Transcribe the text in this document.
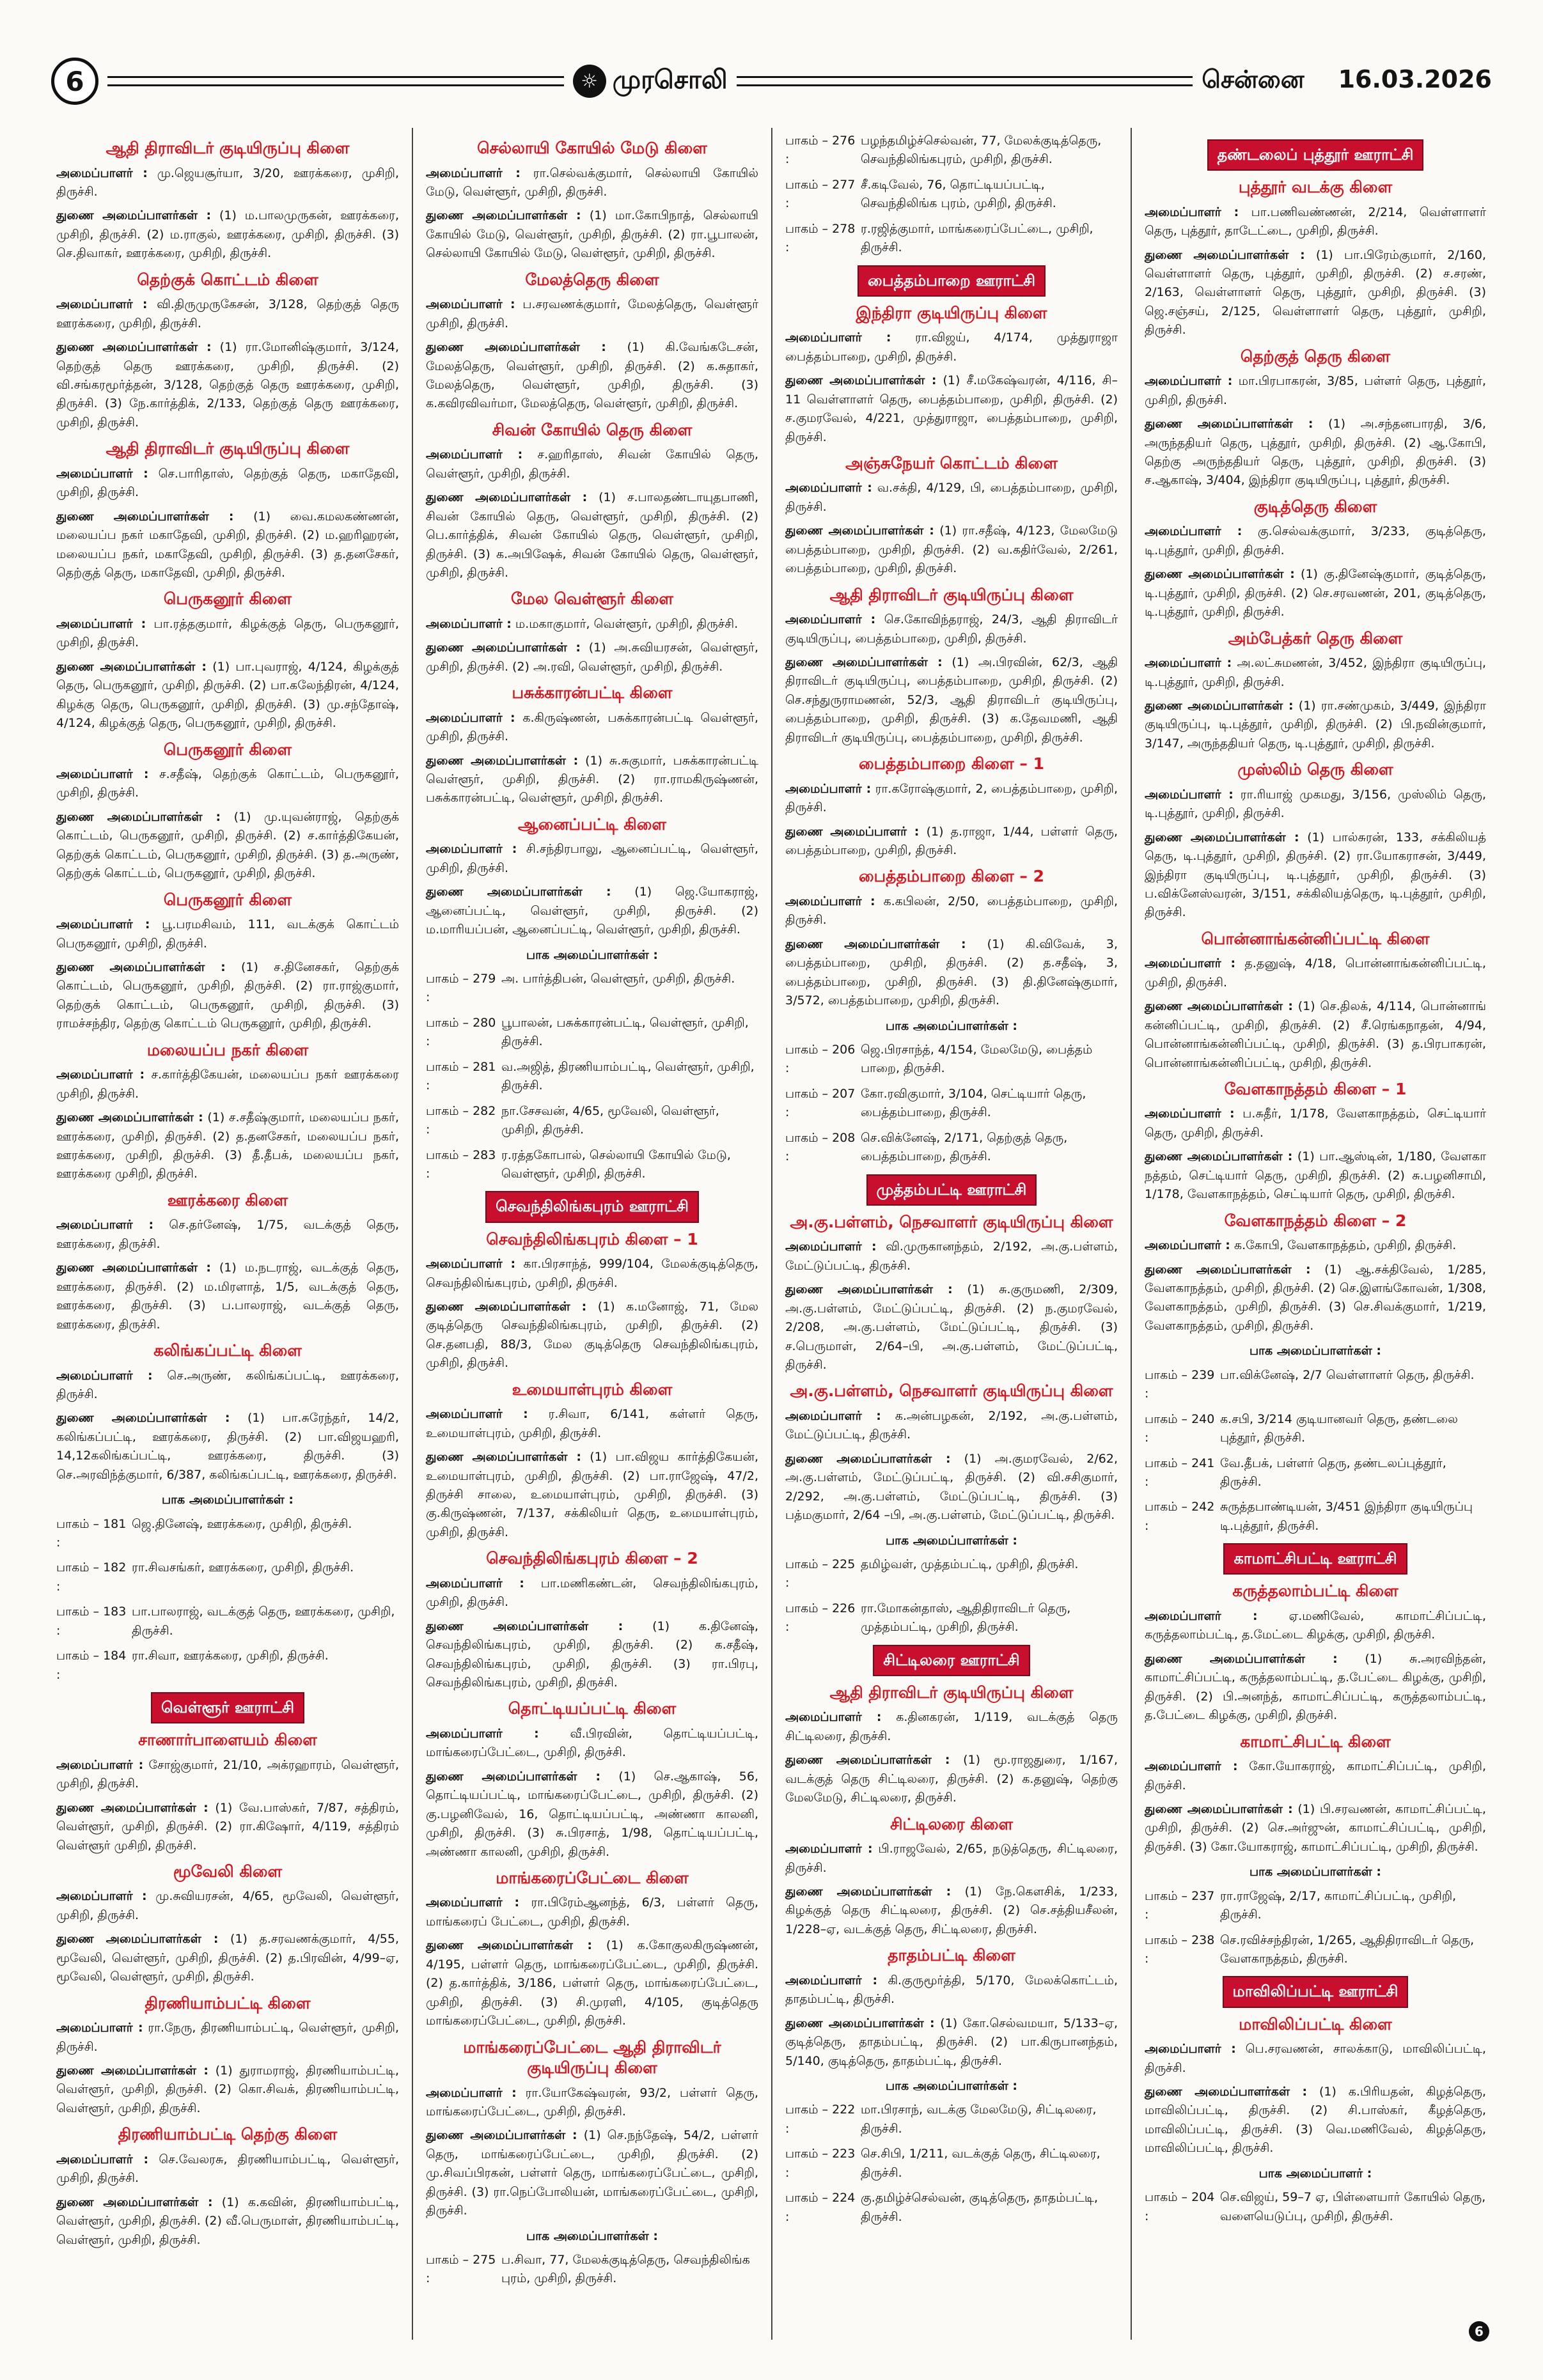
6	☼ முரசொலி	சென்னை 16.03.2026
ஆதி திராவிடர் குடியிருப்பு கிளை
அமைப்பாளர் : மு.ஜெயசூர்யா, 3/20, ஊரக்கரை, முசிறி, திருச்சி.
துணை அமைப்பாளர்கள் : (1) ம.பாலமுருகன், ஊரக்கரை, முசிறி, திருச்சி. (2) ம.ராகுல், ஊரக்கரை, முசிறி, திருச்சி. (3) செ.திவாகர், ஊரக்கரை, முசிறி, திருச்சி.
தெற்குக் கொட்டம் கிளை
அமைப்பாளர் : வி.திருமுருகேசன், 3/128, தெற்குத் தெரு ஊரக்கரை, முசிறி, திருச்சி.
துணை அமைப்பாளர்கள் : (1) ரா.மோனிஷ்குமார், 3/124, தெற்குத் தெரு ஊரக்கரை, முசிறி, திருச்சி. (2) வி.சங்கரமூர்த்தன், 3/128, தெற்குத் தெரு ஊரக்கரை, முசிறி, திருச்சி. (3) நே.கார்த்திக், 2/133, தெற்குத் தெரு ஊரக்கரை, முசிறி, திருச்சி.
ஆதி திராவிடர் குடியிருப்பு கிளை
அமைப்பாளர் : செ.பாரிதாஸ், தெற்குத் தெரு, மகாதேவி, முசிறி, திருச்சி.
துணை அமைப்பாளர்கள் : (1) வை.கமலகண்ணன், மலையப்ப நகர் மகாதேவி, முசிறி, திருச்சி. (2) ம.ஹரிஹரன், மலையப்ப நகர், மகாதேவி, முசிறி, திருச்சி. (3) த.தனசேகர், தெற்குத் தெரு, மகாதேவி, முசிறி, திருச்சி.
பெருகனூர் கிளை
அமைப்பாளர் : பா.ரத்தகுமார், கிழக்குத் தெரு, பெருகனூர், முசிறி, திருச்சி.
துணை அமைப்பாளர்கள் : (1) பா.புவராஜ், 4/124, கிழக்குத் தெரு, பெருகனூர், முசிறி, திருச்சி. (2) பா.கலேந்திரன், 4/124, கிழக்கு தெரு, பெருகனூர், முசிறி, திருச்சி. (3) மு.சந்தோஷ், 4/124, கிழக்குத் தெரு, பெருகனூர், முசிறி, திருச்சி.
பெருகனூர் கிளை
அமைப்பாளர் : ச.சதீஷ், தெற்குக் கொட்டம், பெருகனூர், முசிறி, திருச்சி.
துணை அமைப்பாளர்கள் : (1) மு.யுவன்ராஜ், தெற்குக் கொட்டம், பெருகனூர், முசிறி, திருச்சி. (2) ச.கார்த்திகேயன், தெற்குக் கொட்டம், பெருகனூர், முசிறி, திருச்சி. (3) த.அருண், தெற்குக் கொட்டம், பெருகனூர், முசிறி, திருச்சி.
பெருகனூர் கிளை
அமைப்பாளர் : பூ.பரமசிவம், 111, வடக்குக் கொட்டம் பெருகனூர், முசிறி, திருச்சி.
துணை அமைப்பாளர்கள் : (1) ச.தினேசகர், தெற்குக் கொட்டம், பெருகனூர், முசிறி, திருச்சி. (2) ரா.ராஜ்குமார், தெற்குக் கொட்டம், பெருகனூர், முசிறி, திருச்சி. (3) ராமச்சந்திர, தெற்கு கொட்டம் பெருகனூர், முசிறி, திருச்சி.
மலையப்ப நகர் கிளை
அமைப்பாளர் : ச.கார்த்திகேயன், மலையப்ப நகர் ஊரக்கரை முசிறி, திருச்சி.
துணை அமைப்பாளர்கள் : (1) ச.சதீஷ்குமார், மலையப்ப நகர், ஊரக்கரை, முசிறி, திருச்சி. (2) த.தனசேகர், மலையப்ப நகர், ஊரக்கரை, முசிறி, திருச்சி. (3) தீ.தீபக், மலையப்ப நகர், ஊரக்கரை முசிறி, திருச்சி.
ஊரக்கரை கிளை
அமைப்பாளர் : செ.தர்னேஷ், 1/75, வடக்குத் தெரு, ஊரக்கரை, திருச்சி.
துணை அமைப்பாளர்கள் : (1) ம.நடராஜ், வடக்குத் தெரு, ஊரக்கரை, திருச்சி. (2) ம.மிரளாத், 1/5, வடக்குத் தெரு, ஊரக்கரை, திருச்சி. (3) ப.பாலராஜ், வடக்குத் தெரு, ஊரக்கரை, திருச்சி.
கலிங்கப்பட்டி கிளை
அமைப்பாளர் : செ.அருண், கலிங்கப்பட்டி, ஊரக்கரை, திருச்சி.
துணை அமைப்பாளர்கள் : (1) பா.சுரேந்தர், 14/2, கலிங்கப்பட்டி, ஊரக்கரை, திருச்சி. (2) பா.விஜயஹரி, 14,12கலிங்கப்பட்டி, ஊரக்கரை, திருச்சி. (3) செ.அரவிந்த்குமார், 6/387, கலிங்கப்பட்டி, ஊரக்கரை, திருச்சி.
பாக அமைப்பாளர்கள் :
பாகம் – 181 :
ஜெ.தினேஷ், ஊரக்கரை, முசிறி, திருச்சி.
பாகம் – 182 :
ரா.சிவசங்கர், ஊரக்கரை, முசிறி, திருச்சி.
பாகம் – 183 :
பா.பாலராஜ், வடக்குத் தெரு, ஊரக்கரை, முசிறி, திருச்சி.
பாகம் – 184 :
ரா.சிவா, ஊரக்கரை, முசிறி, திருச்சி.
வெள்ளூர் ஊராட்சி
சாணார்பாளையம் கிளை
அமைப்பாளர் : சோஜ்குமார், 21/10, அக்ரஹாரம், வெள்ளூர், முசிறி, திருச்சி.
துணை அமைப்பாளர்கள் : (1) வே.பாஸ்கர், 7/87, சத்திரம், வெள்ளூர், முசிறி, திருச்சி. (2) ரா.கிஷோர், 4/119, சத்திரம் வெள்ளூர் முசிறி, திருச்சி.
மூவேலி கிளை
அமைப்பாளர் : மு.சுவியரசன், 4/65, மூவேலி, வெள்ளூர், முசிறி, திருச்சி.
துணை அமைப்பாளர்கள் : (1) த.சரவணக்குமார், 4/55, மூவேலி, வெள்ளூர், முசிறி, திருச்சி. (2) த.பிரவின், 4/99–ஏ, மூவேலி, வெள்ளூர், முசிறி, திருச்சி.
திரணியாம்பட்டி கிளை
அமைப்பாளர் : ரா.நேரு, திரணியாம்பட்டி, வெள்ளூர், முசிறி, திருச்சி.
துணை அமைப்பாளர்கள் : (1) துராமராஜ், திரணியாம்பட்டி, வெள்ளூர், முசிறி, திருச்சி. (2) கொ.சிவக், திரணியாம்பட்டி, வெள்ளூர், முசிறி, திருச்சி.
திரணியாம்பட்டி தெற்கு கிளை
அமைப்பாளர் : செ.வேலரசு, திரணியாம்பட்டி, வெள்ளூர், முசிறி, திருச்சி.
துணை அமைப்பாளர்கள் : (1) க.கவின், திரணியாம்பட்டி, வெள்ளூர், முசிறி, திருச்சி. (2) வீ.பெருமாள், திரணியாம்பட்டி, வெள்ளூர், முசிறி, திருச்சி.
செல்லாயி கோயில் மேடு கிளை
அமைப்பாளர் : ரா.செல்வக்குமார், செல்லாயி கோயில் மேடு, வெள்ளூர், முசிறி, திருச்சி.
துணை அமைப்பாளர்கள் : (1) மா.கோபிநாத், செல்லாயி கோயில் மேடு, வெள்ளூர், முசிறி, திருச்சி. (2) ரா.பூபாலன், செல்லாயி கோயில் மேடு, வெள்ளூர், முசிறி, திருச்சி.
மேலத்தெரு கிளை
அமைப்பாளர் : ப.சரவணக்குமார், மேலத்தெரு, வெள்ளூர் முசிறி, திருச்சி.
துணை அமைப்பாளர்கள் : (1) கி.வேங்கடேசன், மேலத்தெரு, வெள்ளூர், முசிறி, திருச்சி. (2) க.சுதாகர், மேலத்தெரு, வெள்ளூர், முசிறி, திருச்சி. (3) க.கவிரவிவர்மா, மேலத்தெரு, வெள்ளூர், முசிறி, திருச்சி.
சிவன் கோயில் தெரு கிளை
அமைப்பாளர் : ச.ஹரிதாஸ், சிவன் கோயில் தெரு, வெள்ளூர், முசிறி, திருச்சி.
துணை அமைப்பாளர்கள் : (1) ச.பாலதண்டாயுதபாணி, சிவன் கோயில் தெரு, வெள்ளூர், முசிறி, திருச்சி. (2) பெ.கார்த்திக், சிவன் கோயில் தெரு, வெள்ளூர், முசிறி, திருச்சி. (3) க.அபிஷேக், சிவன் கோயில் தெரு, வெள்ளூர், முசிறி, திருச்சி.
மேல வெள்ளூர் கிளை
அமைப்பாளர் : ம.மகாகுமார், வெள்ளூர், முசிறி, திருச்சி.
துணை அமைப்பாளர்கள் : (1) அ.சுவியரசன், வெள்ளூர், முசிறி, திருச்சி. (2) அ.ரவி, வெள்ளூர், முசிறி, திருச்சி.
பசுக்காரன்பட்டி கிளை
அமைப்பாளர் : க.கிருஷ்ணன், பசுக்காரன்பட்டி வெள்ளூர், முசிறி, திருச்சி.
துணை அமைப்பாளர்கள் : (1) சு.சுகுமார், பசுக்காரன்பட்டி வெள்ளூர், முசிறி, திருச்சி. (2) ரா.ராமகிருஷ்ணன், பசுக்காரன்பட்டி, வெள்ளூர், முசிறி, திருச்சி.
ஆனைப்பட்டி கிளை
அமைப்பாளர் : சி.சந்திரபாலு, ஆனைப்பட்டி, வெள்ளூர், முசிறி, திருச்சி.
துணை அமைப்பாளர்கள் : (1) ஜெ.யோகராஜ், ஆனைப்பட்டி, வெள்ளூர், முசிறி, திருச்சி. (2) ம.மாரியப்பன், ஆனைப்பட்டி, வெள்ளூர், முசிறி, திருச்சி.
பாக அமைப்பாளர்கள் :
பாகம் – 279 :
அ. பார்த்திபன், வெள்ளூர், முசிறி, திருச்சி.
பாகம் – 280 :
பூபாலன், பசுக்காரன்பட்டி, வெள்ளூர், முசிறி, திருச்சி.
பாகம் – 281 :
வ.அஜித், திரணியாம்பட்டி, வெள்ளூர், முசிறி, திருச்சி.
பாகம் – 282 :
நா.சேசவன், 4/65, மூவேலி, வெள்ளூர், முசிறி, திருச்சி.
பாகம் – 283 :
ர.ரத்தகோபால், செல்லாயி கோயில் மேடு, வெள்ளூர், முசிறி, திருச்சி.
செவந்திலிங்கபுரம் ஊராட்சி
செவந்திலிங்கபுரம் கிளை – 1
அமைப்பாளர் : கா.பிரசாந்த், 999/104, மேலக்குடித்தெரு, செவந்திலிங்கபுரம், முசிறி, திருச்சி.
துணை அமைப்பாளர்கள் : (1) க.மனோஜ், 71, மேல குடித்தெரு செவந்திலிங்கபுரம், முசிறி, திருச்சி. (2) செ.தனபதி, 88/3, மேல குடித்தெரு செவந்திலிங்கபுரம், முசிறி, திருச்சி.
உமையாள்புரம் கிளை
அமைப்பாளர் : ர.சிவா, 6/141, கள்ளர் தெரு, உமையாள்புரம், முசிறி, திருச்சி.
துணை அமைப்பாளர்கள் : (1) பா.விஜய கார்த்திகேயன், உமையாள்புரம், முசிறி, திருச்சி. (2) பா.ராஜேஷ், 47/2, திருச்சி சாலை, உமையாள்புரம், முசிறி, திருச்சி. (3) கு.கிருஷ்ணன், 7/137, சக்கிலியர் தெரு, உமையாள்புரம், முசிறி, திருச்சி.
செவந்திலிங்கபுரம் கிளை – 2
அமைப்பாளர் : பா.மணிகண்டன், செவந்திலிங்கபுரம், முசிறி, திருச்சி.
துணை அமைப்பாளர்கள் : (1) க.தினேஷ், செவந்திலிங்கபுரம், முசிறி, திருச்சி. (2) க.சதீஷ், செவந்திலிங்கபுரம், முசிறி, திருச்சி. (3) ரா.பிரபு, செவந்திலிங்கபுரம், முசிறி, திருச்சி.
தொட்டியப்பட்டி கிளை
அமைப்பாளர் :	வீ.பிரவின், தொட்டியப்பட்டி, மாங்கரைப்பேட்டை, முசிறி, திருச்சி.
துணை அமைப்பாளர்கள் : (1) செ.ஆகாஷ், 56, தொட்டியப்பட்டி, மாங்கரைப்பேட்டை, முசிறி, திருச்சி. (2) கு.பழனிவேல், 16, தொட்டியப்பட்டி, அண்ணா காலனி, முசிறி, திருச்சி. (3) சு.பிரசாத், 1/98, தொட்டியப்பட்டி, அண்ணா காலனி, முசிறி, திருச்சி.
மாங்கரைப்பேட்டை கிளை
அமைப்பாளர் : ரா.பிரேம்ஆனந்த், 6/3, பள்ளர் தெரு, மாங்கரைப் பேட்டை, முசிறி, திருச்சி.
துணை அமைப்பாளர்கள் : (1) க.கோகுலகிருஷ்ணன், 4/195, பள்ளர் தெரு, மாங்கரைப்பேட்டை, முசிறி, திருச்சி. (2) த.கார்த்திக், 3/186, பள்ளர் தெரு, மாங்கரைப்பேட்டை, முசிறி, திருச்சி. (3) சி.முரளி, 4/105, குடித்தெரு மாங்கரைப்பேட்டை, முசிறி, திருச்சி.
மாங்கரைப்பேட்டை ஆதி திராவிடர் குடியிருப்பு கிளை
அமைப்பாளர் : ரா.யோகேஷ்வரன், 93/2, பள்ளர் தெரு, மாங்கரைப்பேட்டை, முசிறி, திருச்சி.
துணை அமைப்பாளர்கள் : (1) செ.நந்தேஷ், 54/2, பள்ளர் தெரு, மாங்கரைப்பேட்டை, முசிறி, திருச்சி. (2) மு.சிவப்பிரகன், பள்ளர் தெரு, மாங்கரைப்பேட்டை, முசிறி, திருச்சி. (3) ரா.நெப்போலியன், மாங்கரைப்பேட்டை, முசிறி, திருச்சி.
பாக அமைப்பாளர்கள் :
பாகம் – 275 :
ப.சிவா, 77, மேலக்குடித்தெரு, செவந்திலிங்க புரம், முசிறி, திருச்சி.
பாகம் – 276 :
பழந்தமிழ்ச்செல்வன், 77, மேலக்குடித்தெரு, செவந்திலிங்கபுரம், முசிறி, திருச்சி.
பாகம் – 277 :
சீ.கடிவேல், 76, தொட்டியப்பட்டி, செவந்திலிங்க புரம், முசிறி, திருச்சி.
பாகம் – 278 :
ர.ரஜித்குமார், மாங்கரைப்பேட்டை, முசிறி, திருச்சி.
பைத்தம்பாறை ஊராட்சி
இந்திரா குடியிருப்பு கிளை
அமைப்பாளர் : ரா.விஜய், 4/174, முத்துராஜா பைத்தம்பாறை, முசிறி, திருச்சி.
துணை அமைப்பாளர்கள் : (1) சீ.மகேஷ்வரன், 4/116, சி–11 வெள்ளாளர் தெரு, பைத்தம்பாறை, முசிறி, திருச்சி. (2) ச.குமரவேல், 4/221, முத்துராஜா, பைத்தம்பாறை, முசிறி, திருச்சி.
அஞ்சுநேயர் கொட்டம் கிளை
அமைப்பாளர் : வ.சக்தி, 4/129, பி, பைத்தம்பாறை, முசிறி, திருச்சி.
துணை அமைப்பாளர்கள் : (1) ரா.சதீஷ், 4/123, மேலமேடு பைத்தம்பாறை, முசிறி, திருச்சி. (2) வ.கதிர்வேல், 2/261, பைத்தம்பாறை, முசிறி, திருச்சி.
ஆதி திராவிடர் குடியிருப்பு கிளை
அமைப்பாளர் : செ.கோவிந்தராஜ், 24/3, ஆதி திராவிடர் குடியிருப்பு, பைத்தம்பாறை, முசிறி, திருச்சி.
துணை அமைப்பாளர்கள் : (1) அ.பிரவின், 62/3, ஆதி திராவிடர் குடியிருப்பு, பைத்தம்பாறை, முசிறி, திருச்சி. (2) செ.சந்துருராமணன், 52/3, ஆதி திராவிடர் குடியிருப்பு, பைத்தம்பாறை, முசிறி, திருச்சி. (3) க.தேவமணி, ஆதி திராவிடர் குடியிருப்பு, பைத்தம்பாறை, முசிறி, திருச்சி.
பைத்தம்பாறை கிளை – 1
அமைப்பாளர் : ரா.கரோஷ்குமார், 2, பைத்தம்பாறை, முசிறி, திருச்சி.
துணை அமைப்பாளர் : (1) த.ராஜா, 1/44, பள்ளர் தெரு, பைத்தம்பாறை, முசிறி, திருச்சி.
பைத்தம்பாறை கிளை – 2
அமைப்பாளர் : க.கபிலன், 2/50, பைத்தம்பாறை, முசிறி, திருச்சி.
துணை அமைப்பாளர்கள் : (1) கி.விவேக், 3, பைத்தம்பாறை, முசிறி, திருச்சி. (2) த.சதீஷ், 3, பைத்தம்பாறை, முசிறி, திருச்சி. (3) தி.தினேஷ்குமார், 3/572, பைத்தம்பாறை, முசிறி, திருச்சி.
பாக அமைப்பாளர்கள் :
பாகம் – 206 :
ஜெ.பிரசாந்த், 4/154, மேலமேடு, பைத்தம் பாறை, திருச்சி.
பாகம் – 207 :
கோ.ரவிகுமார், 3/104, செட்டியார் தெரு, பைத்தம்பாறை, திருச்சி.
பாகம் – 208 :
செ.விக்னேஷ், 2/171, தெற்குத் தெரு, பைத்தம்பாறை, திருச்சி.
முத்தம்பட்டி ஊராட்சி
அ.கு.பள்ளம், நெசவாளர் குடியிருப்பு கிளை
அமைப்பாளர் : வி.முருகானந்தம், 2/192, அ.கு.பள்ளம், மேட்டுப்பட்டி, திருச்சி.
துணை அமைப்பாளர்கள் : (1) சு.குருமணி, 2/309, அ.கு.பள்ளம், மேட்டுப்பட்டி, திருச்சி. (2) ந.குமரவேல், 2/208, அ.கு.பள்ளம், மேட்டுப்பட்டி, திருச்சி. (3) ச.பெருமாள், 2/64–பி, அ.கு.பள்ளம், மேட்டுப்பட்டி, திருச்சி.
அ.கு.பள்ளம், நெசவாளர் குடியிருப்பு கிளை
அமைப்பாளர் : க.அன்பழகன், 2/192, அ.கு.பள்ளம், மேட்டுப்பட்டி, திருச்சி.
துணை அமைப்பாளர்கள் : (1) அ.குமரவேல், 2/62, அ.கு.பள்ளம், மேட்டுப்பட்டி, திருச்சி. (2) வி.சசிகுமார், 2/292, அ.கு.பள்ளம், மேட்டுப்பட்டி, திருச்சி. (3) பத்மகுமார், 2/64 –பி, அ.கு.பள்ளம், மேட்டுப்பட்டி, திருச்சி.
பாக அமைப்பாளர்கள் :
பாகம் – 225 :
தமிழ்வள், முத்தம்பட்டி, முசிறி, திருச்சி.
பாகம் – 226 :
ரா.மோகன்தாஸ், ஆதிதிராவிடர் தெரு, முத்தம்பட்டி, முசிறி, திருச்சி.
சிட்டிலரை ஊராட்சி
ஆதி திராவிடர் குடியிருப்பு கிளை
அமைப்பாளர் : க.தினகரன், 1/119, வடக்குத் தெரு சிட்டிலரை, திருச்சி.
துணை அமைப்பாளர்கள் : (1) மூ.ராஜதுரை, 1/167, வடக்குத் தெரு சிட்டிலரை, திருச்சி. (2) க.தனுஷ், தெற்கு மேலமேடு, சிட்டிலரை, திருச்சி.
சிட்டிலரை கிளை
அமைப்பாளர் : பி.ராஜவேல், 2/65, நடுத்தெரு, சிட்டிலரை, திருச்சி.
துணை அமைப்பாளர்கள் : (1) நே.கௌசிக், 1/233, கிழக்குத் தெரு சிட்டிலரை, திருச்சி. (2) செ.சத்தியசீலன், 1/228–ஏ, வடக்குத் தெரு, சிட்டிலரை, திருச்சி.
தாதம்பட்டி கிளை
அமைப்பாளர் : கி.குருமூர்த்தி, 5/170, மேலக்கொட்டம், தாதம்பட்டி, திருச்சி.
துணை அமைப்பாளர்கள் : (1) கோ.செல்வமயா, 5/133–ஏ, குடித்தெரு, தாதம்பட்டி, திருச்சி. (2) பா.கிருபானந்தம், 5/140, குடித்தெரு, தாதம்பட்டி, திருச்சி.
பாக அமைப்பாளர்கள் :
பாகம் – 222 :
மா.பிரசாந், வடக்கு மேலமேடு, சிட்டிலரை, திருச்சி.
பாகம் – 223 :
செ.சிபி, 1/211, வடக்குத் தெரு, சிட்டிலரை, திருச்சி.
பாகம் – 224 :
கு.தமிழ்ச்செல்வன், குடித்தெரு, தாதம்பட்டி, திருச்சி.
தண்டலைப் புத்தூர் ஊராட்சி
புத்தூர் வடக்கு கிளை
அமைப்பாளர் : பா.பணிவண்ணன், 2/214, வெள்ளாளர் தெரு, புத்தூர், தாடேட்டை, முசிறி, திருச்சி.
துணை அமைப்பாளர்கள் : (1) பா.பிரேம்குமார், 2/160, வெள்ளாளர் தெரு, புத்தூர், முசிறி, திருச்சி. (2) ச.சரண், 2/163, வெள்ளாளர் தெரு, புத்தூர், முசிறி, திருச்சி. (3) ஜெ.சஞ்சய், 2/125, வெள்ளாளர் தெரு, புத்தூர், முசிறி, திருச்சி.
தெற்குத் தெரு கிளை
அமைப்பாளர் : மா.பிரபாகரன், 3/85, பள்ளர் தெரு, புத்தூர், முசிறி, திருச்சி.
துணை அமைப்பாளர்கள் : (1) அ.சந்தனபாரதி, 3/6, அருந்ததியர் தெரு, புத்தூர், முசிறி, திருச்சி. (2) ஆ.கோபி, தெற்கு அருந்ததியர் தெரு, புத்தூர், முசிறி, திருச்சி. (3) ச.ஆகாஷ், 3/404, இந்திரா குடியிருப்பு, புத்தூர், திருச்சி.
குடித்தெரு கிளை
அமைப்பாளர் : கு.செல்வக்குமார், 3/233, குடித்தெரு, டி.புத்தூர், முசிறி, திருச்சி.
துணை அமைப்பாளர்கள் : (1) கு.தினேஷ்குமார், குடித்தெரு, டி.புத்தூர், முசிறி, திருச்சி. (2) செ.சரவணன், 201, குடித்தெரு, டி.புத்தூர், முசிறி, திருச்சி.
அம்பேத்கர் தெரு கிளை
அமைப்பாளர் : அ.லட்சுமணன், 3/452, இந்திரா குடியிருப்பு, டி.புத்தூர், முசிறி, திருச்சி.
துணை அமைப்பாளர்கள் : (1) ரா.சண்முகம், 3/449, இந்திரா குடியிருப்பு, டி.புத்தூர், முசிறி, திருச்சி. (2) பி.நவின்குமார், 3/147, அருந்ததியர் தெரு, டி.புத்தூர், முசிறி, திருச்சி.
முஸ்லிம் தெரு கிளை
அமைப்பாளர் : ரா.ரியாஜ் முகமது, 3/156, முஸ்லிம் தெரு, டி.புத்தூர், முசிறி, திருச்சி.
துணை அமைப்பாளர்கள் : (1) பால்சுரன், 133, சக்கிலியத் தெரு, டி.புத்தூர், முசிறி, திருச்சி. (2) ரா.யோகராசன், 3/449, இந்திரா குடியிருப்பு, டி.புத்தூர், முசிறி, திருச்சி. (3) ப.விக்னேஸ்வரன், 3/151, சக்கிலியத்தெரு, டி.புத்தூர், முசிறி, திருச்சி.
பொன்னாங்கன்னிப்பட்டி கிளை
அமைப்பாளர் : த.தனுஷ், 4/18, பொன்னாங்கன்னிப்பட்டி, முசிறி, திருச்சி.
துணை அமைப்பாளர்கள் : (1) செ.திலக், 4/114, பொன்னாங் கன்னிப்பட்டி, முசிறி, திருச்சி. (2) சீ.ரெங்கநாதன், 4/94, பொன்னாங்கன்னிப்பட்டி, முசிறி, திருச்சி. (3) த.பிரபாகரன், பொன்னாங்கன்னிப்பட்டி, முசிறி, திருச்சி.
வேளகாநத்தம் கிளை – 1
அமைப்பாளர் : ப.சுதீர், 1/178, வேளகாநத்தம், செட்டியார் தெரு, முசிறி, திருச்சி.
துணை அமைப்பாளர்கள் : (1) பா.ஆஸ்டின், 1/180, வேளகா நத்தம், செட்டியார் தெரு, முசிறி, திருச்சி. (2) சு.பழனிசாமி, 1/178, வேளகாநத்தம், செட்டியார் தெரு, முசிறி, திருச்சி.
வேளகாநத்தம் கிளை – 2
அமைப்பாளர் : க.கோபி, வேளகாநத்தம், முசிறி, திருச்சி.
துணை அமைப்பாளர்கள் : (1) ஆ.சக்திவேல், 1/285, வேளகாநத்தம், முசிறி, திருச்சி. (2) செ.இளங்கோவன், 1/308, வேளகாநத்தம், முசிறி, திருச்சி. (3) செ.சிவக்குமார், 1/219, வேளகாநத்தம், முசிறி, திருச்சி.
பாக அமைப்பாளர்கள் :
பாகம் – 239 :
பா.விக்னேஷ், 2/7 வெள்ளாளர் தெரு, திருச்சி.
பாகம் – 240 :
க.சபி, 3/214 குடியானவர் தெரு, தண்டலை புத்தூர், திருச்சி.
பாகம் – 241 :
வே.தீபக், பள்ளர் தெரு, தண்டலப்புத்தூர், திருச்சி.
பாகம் – 242 :
சுருத்தபாண்டியன், 3/451 இந்திரா குடியிருப்பு டி.புத்தூர், திருச்சி.
காமாட்சிபட்டி ஊராட்சி
கருத்தலாம்பட்டி கிளை
அமைப்பாளர் :	ஏ.மணிவேல், காமாட்சிப்பட்டி, கருத்தலாம்பட்டி, த.மேட்டை கிழக்கு, முசிறி, திருச்சி.
துணை அமைப்பாளர்கள் : (1) சு.அரவிந்தன், காமாட்சிப்பட்டி, கருத்தலாம்பட்டி, த.பேட்டை கிழக்கு, முசிறி, திருச்சி. (2) பி.அனந்த், காமாட்சிப்பட்டி, கருத்தலாம்பட்டி, த.பேட்டை கிழக்கு, முசிறி, திருச்சி.
காமாட்சிபட்டி கிளை
அமைப்பாளர் : கோ.யோகராஜ், காமாட்சிப்பட்டி, முசிறி, திருச்சி.
துணை அமைப்பாளர்கள் : (1) பி.சரவணன், காமாட்சிப்பட்டி, முசிறி, திருச்சி. (2) செ.அர்ஜுன், காமாட்சிப்பட்டி, முசிறி, திருச்சி. (3) கோ.யோகராஜ், காமாட்சிப்பட்டி, முசிறி, திருச்சி.
பாக அமைப்பாளர்கள் :
பாகம் – 237 :
ரா.ராஜேஷ், 2/17, காமாட்சிப்பட்டி, முசிறி, திருச்சி.
பாகம் – 238 :
செ.ரவிச்சந்திரன், 1/265, ஆதிதிராவிடர் தெரு, வேளகாநத்தம், திருச்சி.
மாவிலிப்பட்டி ஊராட்சி
மாவிலிப்பட்டி கிளை
அமைப்பாளர் : பெ.சரவணன், சாலக்காடு, மாவிலிப்பட்டி, திருச்சி.
துணை அமைப்பாளர்கள் : (1) க.பிரியதன், கிழத்தெரு, மாவிலிப்பட்டி, திருச்சி. (2) சி.பாஸ்கர், கீழத்தெரு, மாவிலிப்பட்டி, திருச்சி. (3) வெ.மணிவேல், கிழத்தெரு, மாவிலிப்பட்டி, திருச்சி.
பாக அமைப்பாளர் :
பாகம் – 204 :
செ.விஜய், 59–7 ஏ, பிள்ளையார் கோயில் தெரு, வளையெடுப்பு, முசிறி, திருச்சி.
6
